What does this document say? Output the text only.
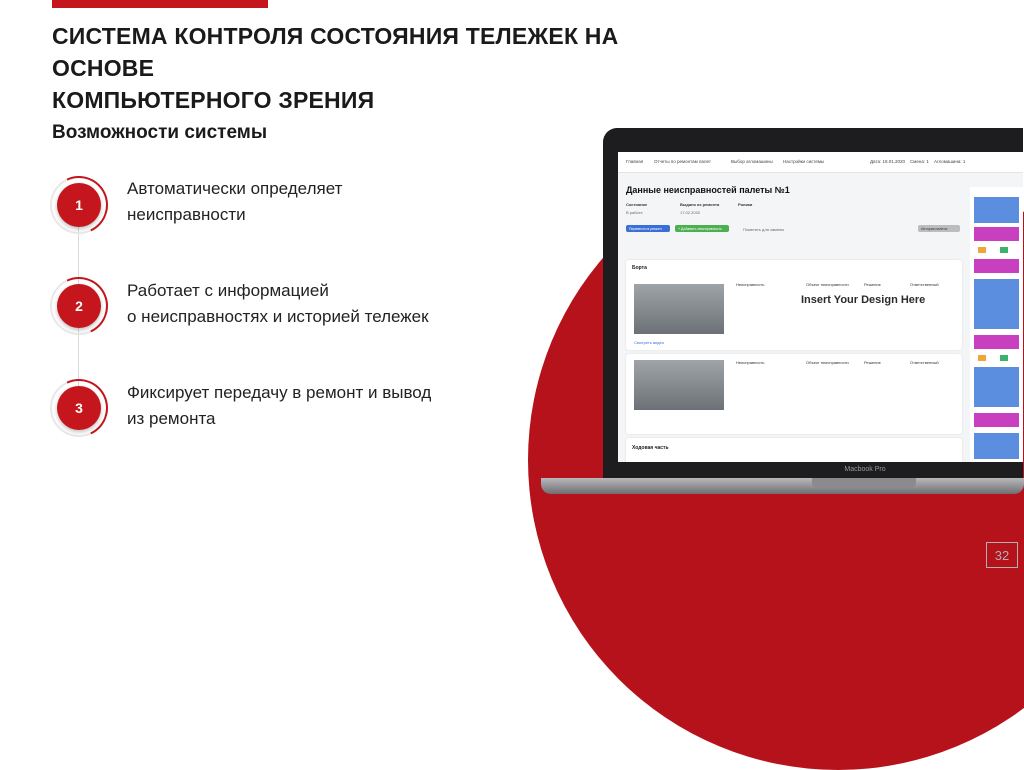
СИСТЕМА КОНТРОЛЯ СОСТОЯНИЯ ТЕЛЕЖЕК НА ОСНОВЕ
КОМПЬЮТЕРНОГО ЗРЕНИЯ
Возможности системы
1
Автоматически определяет
неисправности
2
Работает с информацией
о неисправностях и историей тележек
3
Фиксирует передачу в ремонт и вывод
из ремонта
Главная Отчеты по ремонтам палет	Выбор агломашины Настройки системы	Дата: 18.01.2020 Смена: 1 Агломашина: 1
Данные неисправностей палеты №1
Состояние
В работе
Выдано из ремонта
17.02.2020
Ролики
Перевести в ремонт	+ Добавить неисправность	Пометить для замены	История палеты
Борта
Неисправность	Объект неисправности	Решение	Ответственный
Смотреть видео
Неисправность	Объект неисправности	Решение	Ответственный
Ходовая часть
Insert Your Design Here
Macbook Pro
32
